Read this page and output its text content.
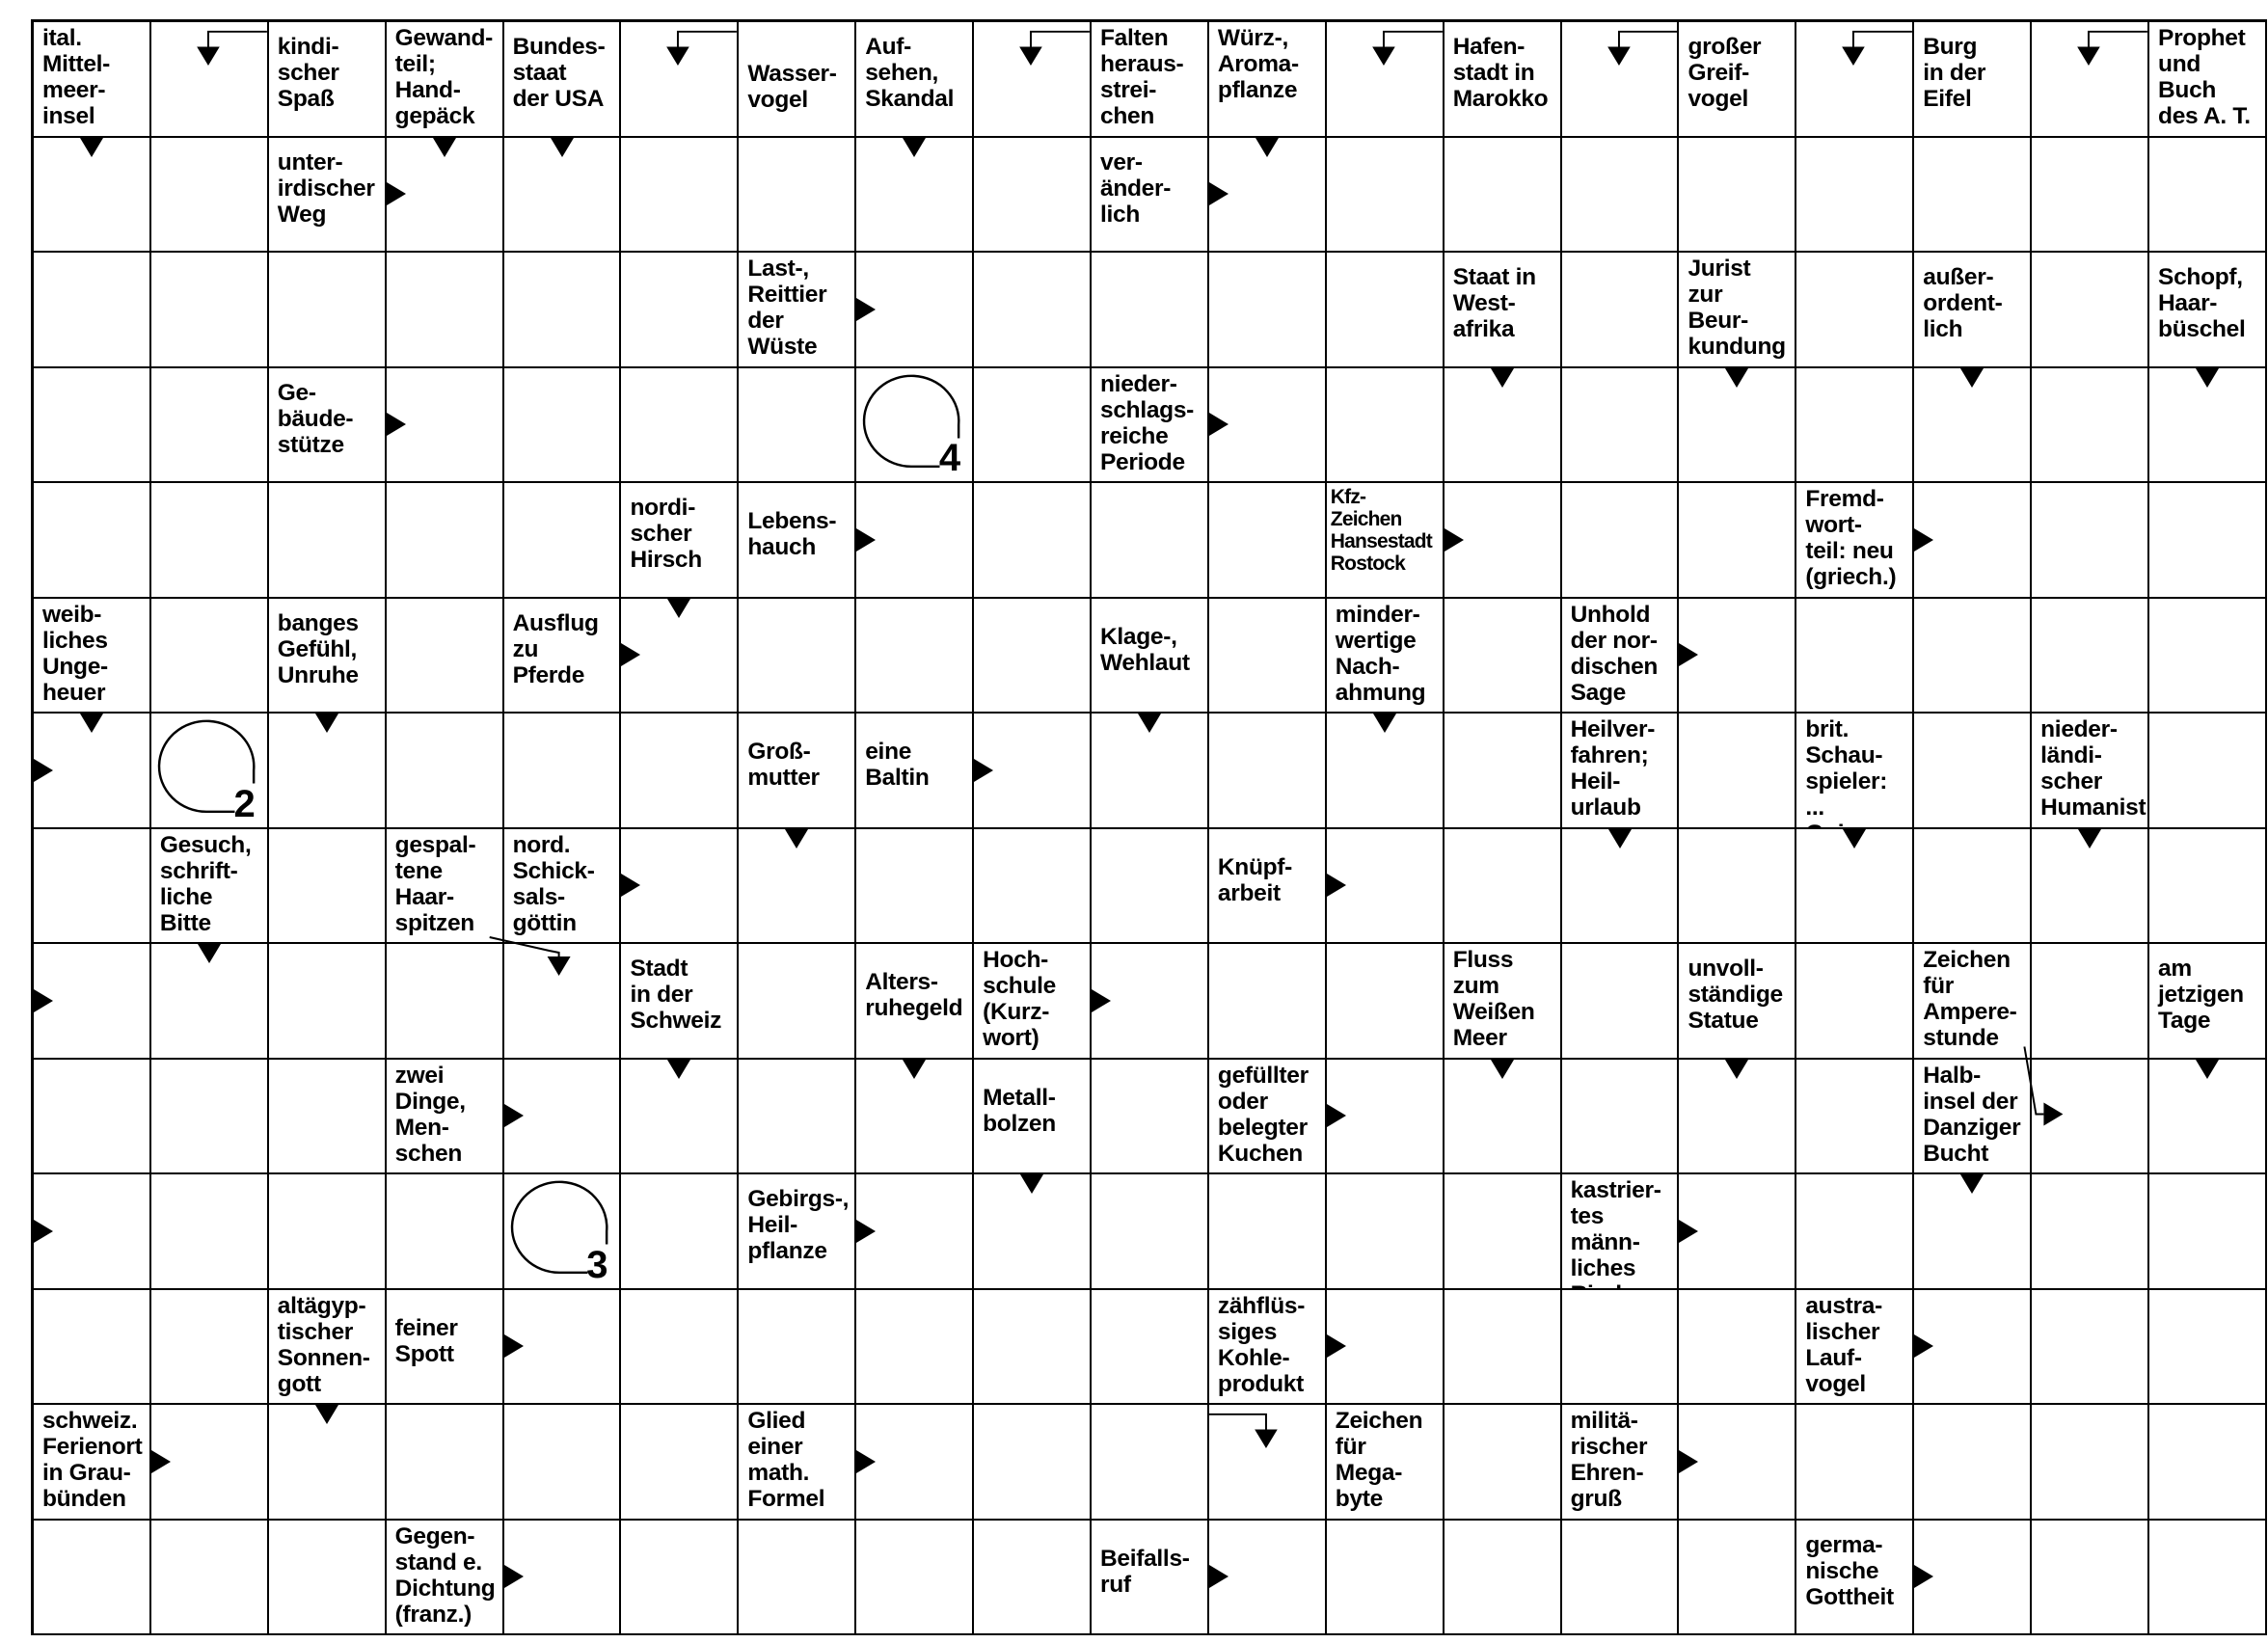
ital.
Mittel-
meer-
insel
kindi-
scher
Spaß
Gewand-
teil;
Hand-
gepäck
Bundes-
staat
der USA
Wasser-
vogel
Auf-
sehen,
Skandal
Falten
heraus-
strei-
chen
Würz-,
Aroma-
pflanze
Hafen-
stadt in
Marokko
großer
Greif-
vogel
Burg
in der
Eifel
Prophet
und
Buch
des A. T.
unter-
irdischer
Weg
ver-
änder-
lich
Last-,
Reittier
der
Wüste
Staat in
West-
afrika
Jurist
zur
Beur-
kundung
außer-
ordent-
lich
Schopf,
Haar-
büschel
Ge-
bäude-
stütze	4
nieder-
schlags-
reiche
Periode
nordi-
scher
Hirsch
Lebens-
hauch
Kfz-
Zeichen
Hansestadt
Rostock
Fremd-
wort-
teil: neu
(griech.)
weib-
liches
Unge-
heuer
banges
Gefühl,
Unruhe
Ausflug
zu
Pferde
Klage-,
Wehlaut
minder-
wertige
Nach-
ahmung
Unhold
der nor-
dischen
Sage
2
Groß-
mutter
eine
Baltin
Heilver-
fahren;
Heil-
urlaub
brit.
Schau-
spieler: ...

nieder-
ländi-
scher
Humanist
Gesuch,
schrift-
liche
Bitte
gespal-
tene
Haar-
spitzen
nord.
Schick-
sals-
göttin
Knüpf-
arbeit
Stadt
in der
Schweiz
Alters-
ruhegeld
Hoch-
schule
(Kurz-
wort)
Fluss
zum
Weißen
Meer
unvoll-
ständige
Statue
Zeichen
für
Ampere-
stunde
am
jetzigen
Tage
zwei
Dinge,
Men-
schen
Metall-
bolzen
gefüllter
oder
belegter
Kuchen
Halb-
insel der
Danziger
Bucht
3
Gebirgs-,
Heil-
pflanze
kastrier-
tes männ-
liches

altägyp-
tischer
Sonnen-
gott
feiner
Spott
zähflüs-
siges
Kohle-
produkt
austra-
lischer
Lauf-
vogel
schweiz.
Ferienort
in Grau-
bünden
Glied
einer
math.
Formel
Zeichen
für
Mega-
byte
militä-
rischer
Ehren-
gruß
Gegen-
stand e.
Dichtung
(franz.)
Beifalls-
ruf
germa-
nische
Gottheit
